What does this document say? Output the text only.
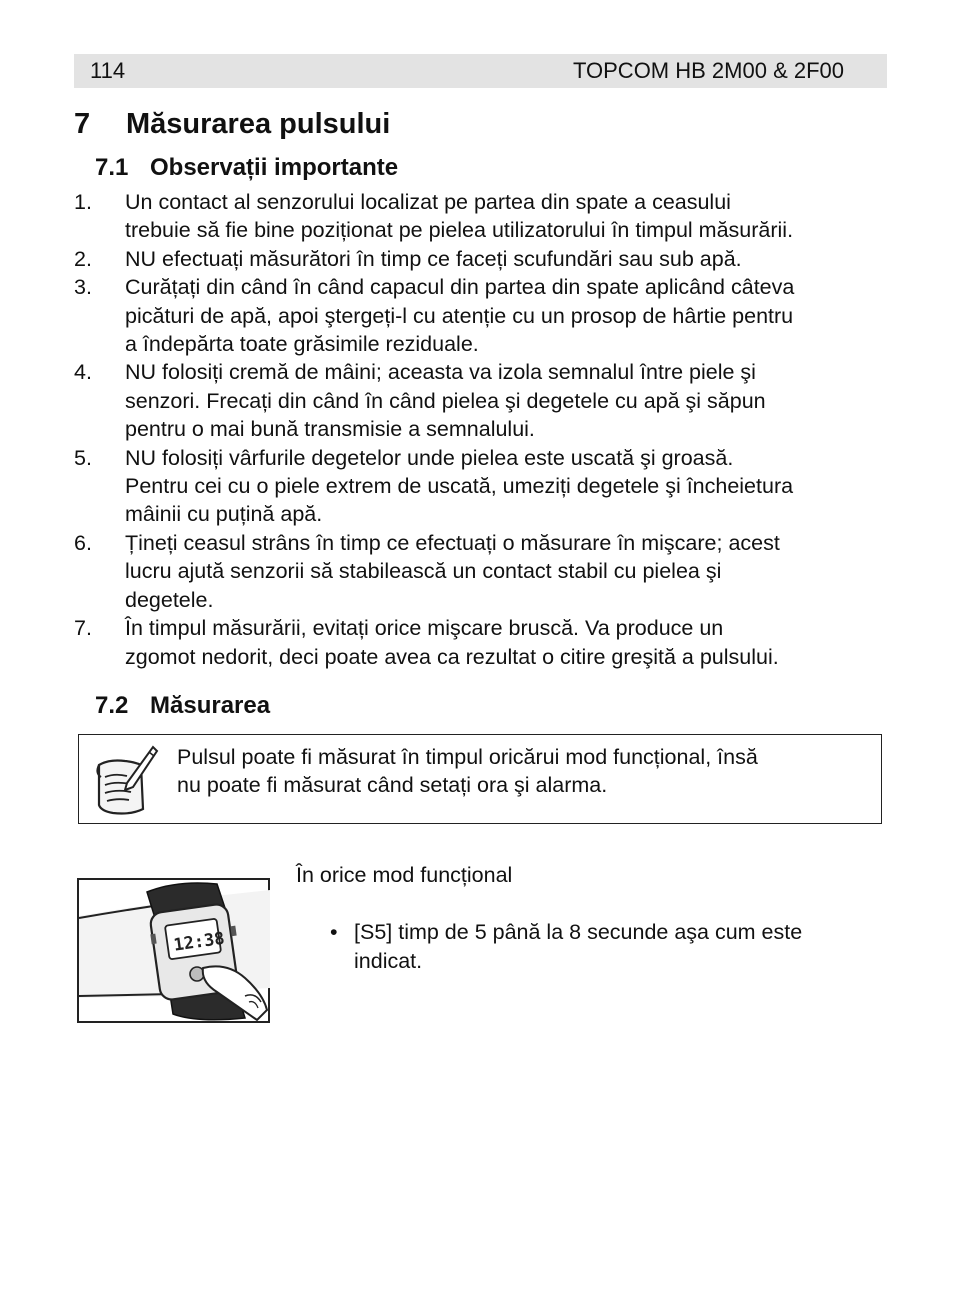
114	TOPCOM HB 2M00 & 2F00
7 Măsurarea pulsului
7.1 Observații importante
1. Un contact al senzorului localizat pe partea din spate a ceasului
trebuie să fie bine poziționat pe pielea utilizatorului în timpul măsurării.
2. NU efectuați măsurători în timp ce faceți scufundări sau sub apă.
3. Curățați din când în când capacul din partea din spate aplicând câteva
picături de apă, apoi ştergeți-l cu atenție cu un prosop de hârtie pentru
a îndepărta toate grăsimile reziduale.
4. NU folosiți cremă de mâini; aceasta va izola semnalul între piele şi
senzori. Frecați din când în când pielea şi degetele cu apă şi săpun
pentru o mai bună transmisie a semnalului.
5. NU folosiți vârfurile degetelor unde pielea este uscată şi groasă.
Pentru cei cu o piele extrem de uscată, umeziți degetele şi încheietura
mâinii cu puțină apă.
6. Țineți ceasul strâns în timp ce efectuați o măsurare în mişcare; acest
lucru ajută senzorii să stabilească un contact stabil cu pielea şi
degetele.
7. În timpul măsurării, evitați orice mişcare bruscă. Va produce un
zgomot nedorit, deci poate avea ca rezultat o citire greşită a pulsului.
7.2 Măsurarea
Pulsul poate fi măsurat în timpul oricărui mod funcțional, însă
nu poate fi măsurat când setați ora şi alarma.
12:38
În orice mod funcțional
• [S5] timp de 5 până la 8 secunde aşa cum este
indicat.
